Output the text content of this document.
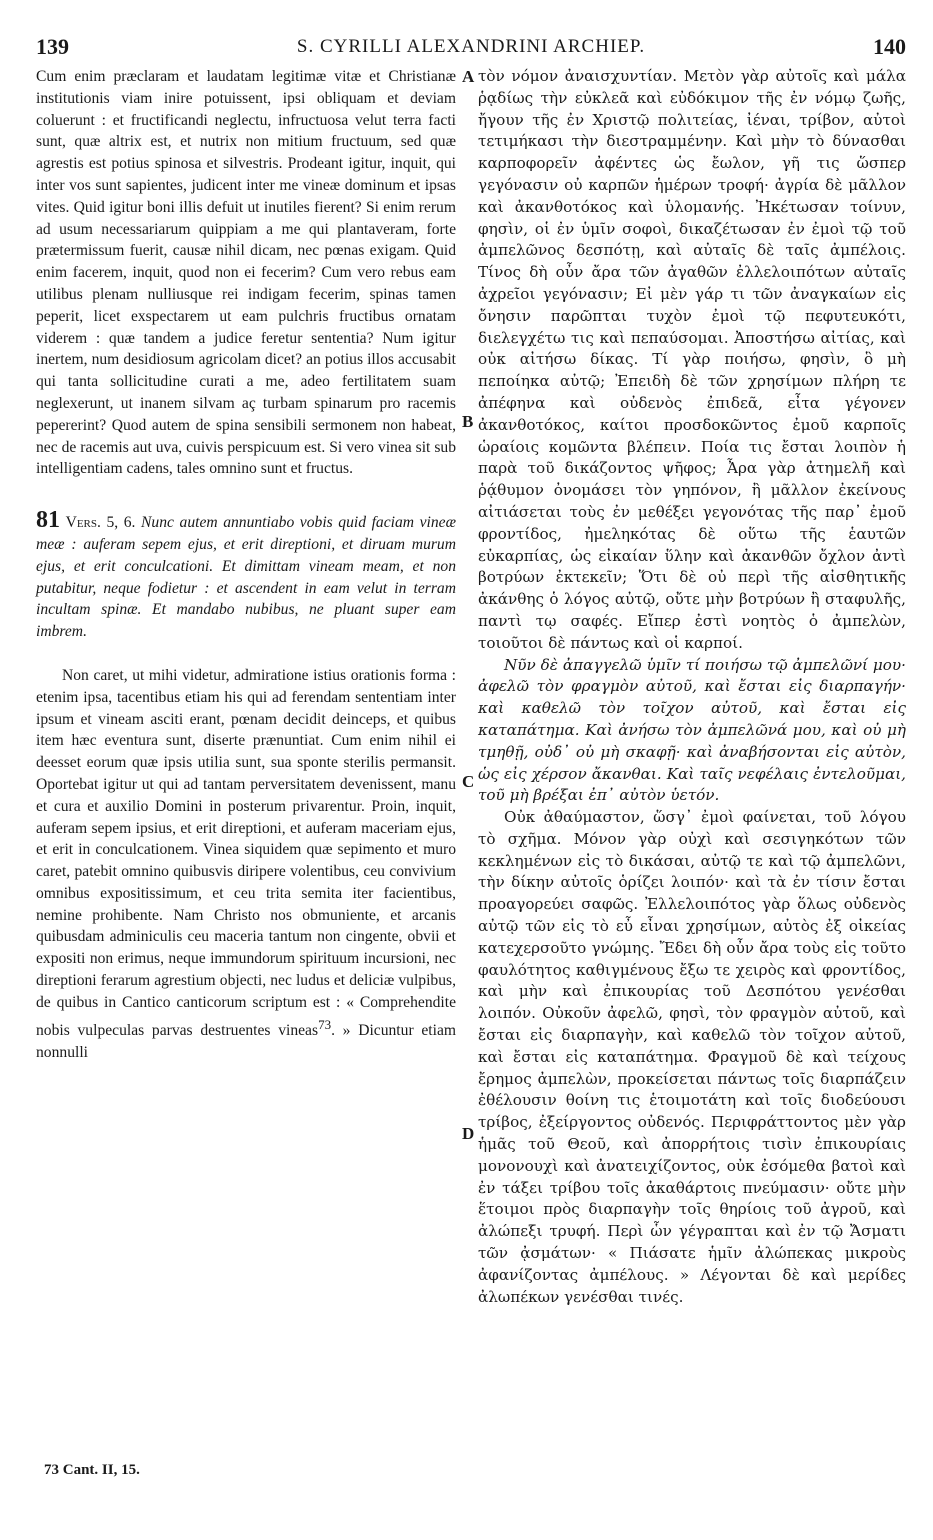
139	S. CYRILLI ALEXANDRINI ARCHIEP.	140
A
B
C
D

Cum enim præclaram et laudatam legitimæ vitæ et Christianæ institutionis viam inire potuissent, ipsi obliquam et deviam coluerunt : et fructificandi neglectu, infructuosa velut terra facti sunt, quæ altrix est, et nutrix non mitium fructuum, sed quæ agrestis est potius spinosa et silvestris. Prodeant igitur, inquit, qui inter vos sunt sapientes, judicent inter me vineæ dominum et ipsas vites. Quid igitur boni illis defuit ut inutiles fierent? Si enim rerum ad usum necessariarum quippiam a me qui plantaveram, forte prætermissum fuerit, causæ nihil dicam, nec pœnas exigam. Quid enim facerem, inquit, quod non ei fecerim? Cum vero rebus eam utilibus plenam nulliusque rei indigam fecerim, spinas tamen peperit, licet exspectarem ut eam pulchris fructibus ornatam viderem : quæ tandem a judice feretur sententia? Num igitur inertem, num desidiosum agricolam dicet? an potius illos accusabit qui tanta sollicitudine curati a me, adeo fertilitatem suam neglexerunt, ut inanem silvam aç turbam spinarum pro racemis pepererint? Quod autem de spina sensibili sermonem non habeat, nec de racemis aut uva, cuivis perspicuum est. Si vero vinea sit sub intelligentiam cadens, tales omnino sunt et fructus.

81 Vers. 5, 6. Nunc autem annuntiabo vobis quid faciam vineæ meæ : auferam sepem ejus, et erit direptioni, et diruam murum ejus, et erit conculcationi. Et dimittam vineam meam, et non putabitur, neque fodietur : et ascendent in eam velut in terram incultam spinæ. Et mandabo nubibus, ne pluant super eam imbrem.

Non caret, ut mihi videtur, admiratione istius orationis forma : etenim ipsa, tacentibus etiam his qui ad ferendam sententiam inter ipsum et vineam asciti erant, pœnam decidit deinceps, et quibus item hæc eventura sunt, diserte prænuntiat. Cum enim nihil ei deesset eorum quæ ipsis utilia sunt, sua sponte sterilis permansit. Oportebat igitur ut qui ad tantam perversitatem devenissent, manu et cura et auxilio Domini in posterum privarentur. Proin, inquit, auferam sepem ipsius, et erit direptioni, et auferam maceriam ejus, et erit in conculcationem. Vinea siquidem quæ sepimento et muro caret, patebit omnino quibusvis diripere volentibus, ceu convivium omnibus expositissimum, et ceu trita semita iter facientibus, nemine prohibente. Nam Christo nos obmuniente, et arcanis quibusdam adminiculis ceu maceria tantum non cingente, obvii et expositi non erimus, neque immundorum spirituum incursioni, nec direptioni ferarum agrestium objecti, nec ludus et deliciæ vulpibus, de quibus in Cantico canticorum scriptum est : « Comprehendite nobis vulpeculas parvas destruentes vineas$^{73}$. » Dicuntur etiam nonnulli

τὸν νόμον ἀναισχυντίαν. Μετὸν γὰρ αὐτοῖς καὶ μάλα ῥᾳδίως τὴν εὐκλεᾶ καὶ εὐδόκιμον τῆς ἐν νόμῳ ζωῆς, ἤγουν τῆς ἐν Χριστῷ πολιτείας, ἰέναι, τρίβον, αὐτοὶ τετιμήκασι τὴν διεστραμμένην. Καὶ μὴν τὸ δύνασθαι καρποφορεῖν ἀφέντες ὡς ἔωλον, γῆ τις ὥσπερ γεγόνασιν οὐ καρπῶν ἡμέρων τροφή· ἀγρία δὲ μᾶλλον καὶ ἀκανθοτόκος καὶ ὑλομανής. Ἠκέτωσαν τοίνυν, φησὶν, οἱ ἐν ὑμῖν σοφοὶ, δικαζέτωσαν ἐν ἐμοὶ τῷ τοῦ ἀμπελῶνος δεσπότῃ, καὶ αὐταῖς δὲ ταῖς ἀμπέλοις. Τίνος δὴ οὖν ἄρα τῶν ἀγαθῶν ἐλλελοιπότων αὐταῖς ἀχρεῖοι γεγόνασιν; Εἰ μὲν γάρ τι τῶν ἀναγκαίων εἰς ὄνησιν παρῶπται τυχὸν ἐμοὶ τῷ πεφυτευκότι, διελεγχέτω τις καὶ πεπαύσομαι. Ἀποστήσω αἰτίας, καὶ οὐκ αἰτήσω δίκας. Τί γὰρ ποιήσω, φησὶν, ὃ μὴ πεποίηκα αὐτῷ; Ἐπειδὴ δὲ τῶν χρησίμων πλήρη τε ἀπέφηνα καὶ οὐδενὸς ἐπιδεᾶ, εἶτα γέγονεν ἀκανθοτόκος, καίτοι προσδοκῶντος ἐμοῦ καρποῖς ὡραίοις κομῶντα βλέπειν. Ποία τις ἔσται λοιπὸν ἡ παρὰ τοῦ δικάζοντος ψῆφος; Ἆρα γὰρ ἀτημελῆ καὶ ῥᾴθυμον ὀνομάσει τὸν γηπόνον, ἢ μᾶλλον ἐκείνους αἰτιάσεται τοὺς ἐν μεθέξει γεγονότας τῆς παρ᾽ ἐμοῦ φροντίδος, ἠμεληκότας δὲ οὕτω τῆς ἑαυτῶν εὐκαρπίας, ὡς εἰκαίαν ὕλην καὶ ἀκανθῶν ὄχλον ἀντὶ βοτρύων ἐκτεκεῖν; Ὅτι δὲ οὐ περὶ τῆς αἰσθητικῆς ἀκάνθης ὁ λόγος αὐτῷ, οὔτε μὴν βοτρύων ἢ σταφυλῆς, παντὶ τῳ σαφές. Εἴπερ ἐστὶ νοητὸς ὁ ἀμπελὼν, τοιοῦτοι δὲ πάντως καὶ οἱ καρποί.

Νῦν δὲ ἀπαγγελῶ ὑμῖν τί ποιήσω τῷ ἀμπελῶνί μου· ἀφελῶ τὸν φραγμὸν αὐτοῦ, καὶ ἔσται εἰς διαρπαγήν· καὶ καθελῶ τὸν τοῖχον αὐτοῦ, καὶ ἔσται εἰς καταπάτημα. Καὶ ἀνήσω τὸν ἀμπελῶνά μου, καὶ οὐ μὴ τμηθῇ, οὐδ᾽ οὐ μὴ σκαφῇ· καὶ ἀναβήσονται εἰς αὐτὸν, ὡς εἰς χέρσον ἄκανθαι. Καὶ ταῖς νεφέλαις ἐντελοῦμαι, τοῦ μὴ βρέξαι ἐπ᾽ αὐτὸν ὑετόν.

Οὐκ ἀθαύμαστον, ὥσγ᾽ ἐμοὶ φαίνεται, τοῦ λόγου τὸ σχῆμα. Μόνον γὰρ οὐχὶ καὶ σεσιγηκότων τῶν κεκλημένων εἰς τὸ δικάσαι, αὐτῷ τε καὶ τῷ ἀμπελῶνι, τὴν δίκην αὐτοῖς ὁρίζει λοιπόν· καὶ τὰ ἐν τίσιν ἔσται προαγορεύει σαφῶς. Ἐλλελοιπότος γὰρ ὅλως οὐδενὸς αὐτῷ τῶν εἰς τὸ εὖ εἶναι χρησίμων, αὐτὸς ἐξ οἰκείας κατεχερσοῦτο γνώμης. Ἔδει δὴ οὖν ἄρα τοὺς εἰς τοῦτο φαυλότητος καθιγμένους ἔξω τε χειρὸς καὶ φροντίδος, καὶ μὴν καὶ ἐπικουρίας τοῦ Δεσπότου γενέσθαι λοιπόν. Οὐκοῦν ἀφελῶ, φησὶ, τὸν φραγμὸν αὐτοῦ, καὶ ἔσται εἰς διαρπαγὴν, καὶ καθελῶ τὸν τοῖχον αὐτοῦ, καὶ ἔσται εἰς καταπάτημα. Φραγμοῦ δὲ καὶ τείχους ἔρημος ἀμπελὼν, προκείσεται πάντως τοῖς διαρπάζειν ἐθέλουσιν θοίνη τις ἑτοιμοτάτη καὶ τοῖς διοδεύουσι τρίβος, ἐξείργοντος οὐδενός. Περιφράττοντος μὲν γὰρ ἡμᾶς τοῦ Θεοῦ, καὶ ἀπορρήτοις τισὶν ἐπικουρίαις μονονουχὶ καὶ ἀνατειχίζοντος, οὐκ ἐσόμεθα βατοὶ καὶ ἐν τάξει τρίβου τοῖς ἀκαθάρτοις πνεύμασιν· οὔτε μὴν ἕτοιμοι πρὸς διαρπαγὴν τοῖς θηρίοις τοῦ ἀγροῦ, καὶ ἀλώπεξι τρυφή. Περὶ ὧν γέγραπται καὶ ἐν τῷ Ἄσματι τῶν ᾀσμάτων· « Πιάσατε ἡμῖν ἀλώπεκας μικροὺς ἀφανίζοντας ἀμπέλους. » Λέγονται δὲ καὶ μερίδες ἀλωπέκων γενέσθαι τινές.

73 Cant. II, 15.
